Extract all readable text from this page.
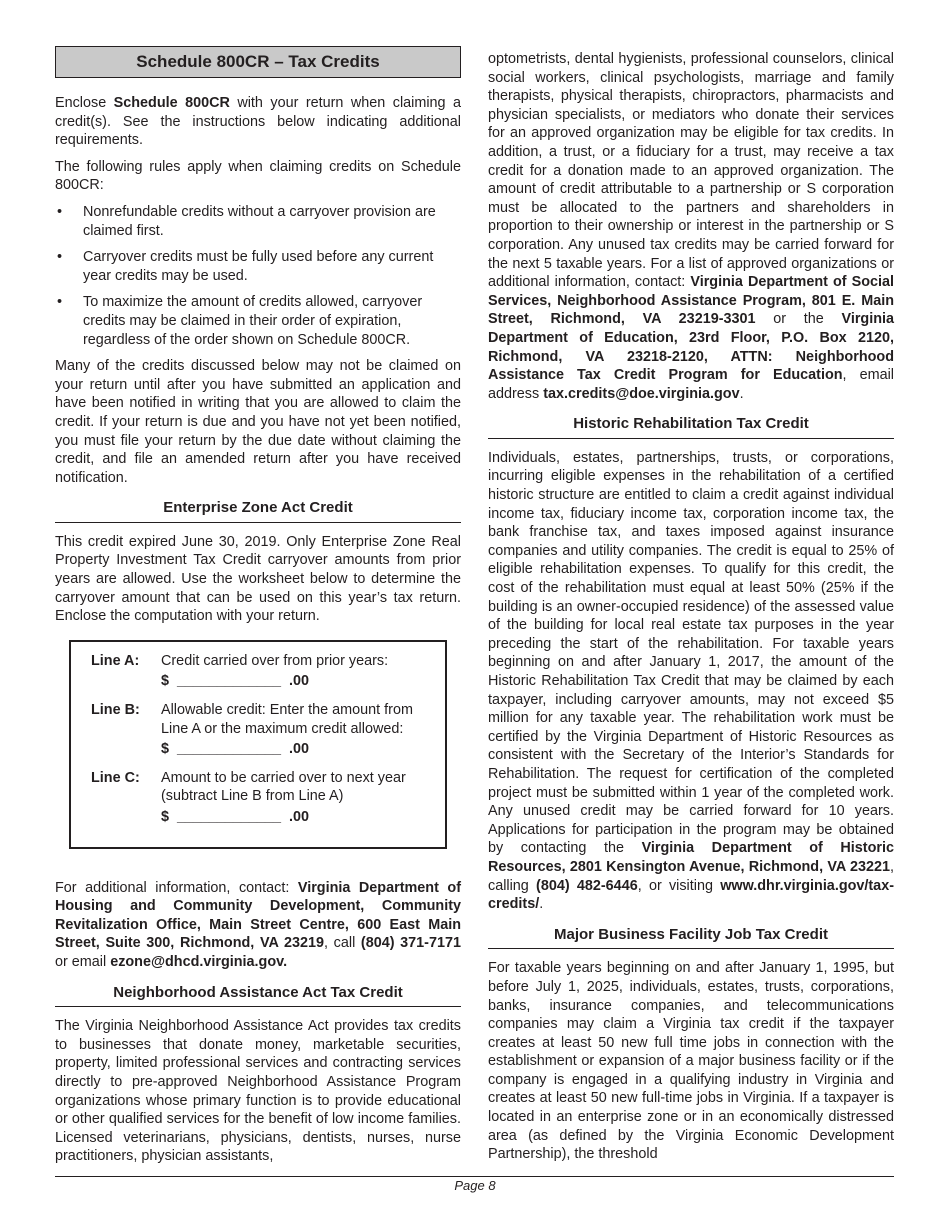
Schedule 800CR – Tax Credits

Enclose Schedule 800CR with your return when claiming a credit(s). See the instructions below indicating additional requirements.

The following rules apply when claiming credits on Schedule 800CR:

• Nonrefundable credits without a carryover provision are claimed first.
• Carryover credits must be fully used before any current year credits may be used.
• To maximize the amount of credits allowed, carryover credits may be claimed in their order of expiration, regardless of the order shown on Schedule 800CR.

Many of the credits discussed below may not be claimed on your return until after you have submitted an application and have been notified in writing that you are allowed to claim the credit. If your return is due and you have not yet been notified, you must file your return by the due date without claiming the credit, and file an amended return after you have received notification.

Enterprise Zone Act Credit

This credit expired June 30, 2019. Only Enterprise Zone Real Property Investment Tax Credit carryover amounts from prior years are allowed. Use the worksheet below to determine the carryover amount that can be used on this year’s tax return. Enclose the computation with your return.

Line A:	Credit carried over from prior years:
$  _____________  .00
Line B:	Allowable credit: Enter the amount from Line A or the maximum credit allowed:
$  _____________  .00
Line C:	Amount to be carried over to next year (subtract Line B from Line A)
$  _____________  .00

For additional information, contact: Virginia Department of Housing and Community Development, Community Revitalization Office, Main Street Centre, 600 East Main Street, Suite 300, Richmond, VA 23219, call (804) 371-7171 or email ezone@dhcd.virginia.gov.

Neighborhood Assistance Act Tax Credit

The Virginia Neighborhood Assistance Act provides tax credits to businesses that donate money, marketable securities, property, limited professional services and contracting services directly to pre-approved Neighborhood Assistance Program organizations whose primary function is to provide educational or other qualified services for the benefit of low income families. Licensed veterinarians, physicians, dentists, nurses, nurse practitioners, physician assistants,

optometrists, dental hygienists, professional counselors, clinical social workers, clinical psychologists, marriage and family therapists, physical therapists, chiropractors, pharmacists and physician specialists, or mediators who donate their services for an approved organization may be eligible for tax credits. In addition, a trust, or a fiduciary for a trust, may receive a tax credit for a donation made to an approved organization. The amount of credit attributable to a partnership or S corporation must be allocated to the partners and shareholders in proportion to their ownership or interest in the partnership or S corporation. Any unused tax credits may be carried forward for the next 5 taxable years. For a list of approved organizations or additional information, contact: Virginia Department of Social Services, Neighborhood Assistance Program, 801 E. Main Street, Richmond, VA 23219-3301 or the Virginia Department of Education, 23rd Floor, P.O. Box 2120, Richmond, VA 23218-2120, ATTN: Neighborhood Assistance Tax Credit Program for Education, email address tax.credits@doe.virginia.gov.

Historic Rehabilitation Tax Credit

Individuals, estates, partnerships, trusts, or corporations, incurring eligible expenses in the rehabilitation of a certified historic structure are entitled to claim a credit against individual income tax, fiduciary income tax, corporation income tax, the bank franchise tax, and taxes imposed against insurance companies and utility companies. The credit is equal to 25% of eligible rehabilitation expenses. To qualify for this credit, the cost of the rehabilitation must equal at least 50% (25% if the building is an owner-occupied residence) of the assessed value of the building for local real estate tax purposes in the year preceding the start of the rehabilitation. For taxable years beginning on and after January 1, 2017, the amount of the Historic Rehabilitation Tax Credit that may be claimed by each taxpayer, including carryover amounts, may not exceed $5 million for any taxable year. The rehabilitation work must be certified by the Virginia Department of Historic Resources as consistent with the Secretary of the Interior’s Standards for Rehabilitation. The request for certification of the completed project must be submitted within 1 year of the completed work. Any unused credit may be carried forward for 10 years. Applications for participation in the program may be obtained by contacting the Virginia Department of Historic Resources, 2801 Kensington Avenue, Richmond, VA 23221, calling (804) 482-6446, or visiting www.dhr.virginia.gov/tax-credits/.

Major Business Facility Job Tax Credit

For taxable years beginning on and after January 1, 1995, but before July 1, 2025, individuals, estates, trusts, corporations, banks, insurance companies, and telecommunications companies may claim a Virginia tax credit if the taxpayer creates at least 50 new full time jobs in connection with the establishment or expansion of a major business facility or if the company is engaged in a qualifying industry in Virginia and creates at least 50 new full-time jobs in Virginia. If a taxpayer is located in an enterprise zone or in an economically distressed area (as defined by the Virginia Economic Development Partnership), the threshold

Page 8
